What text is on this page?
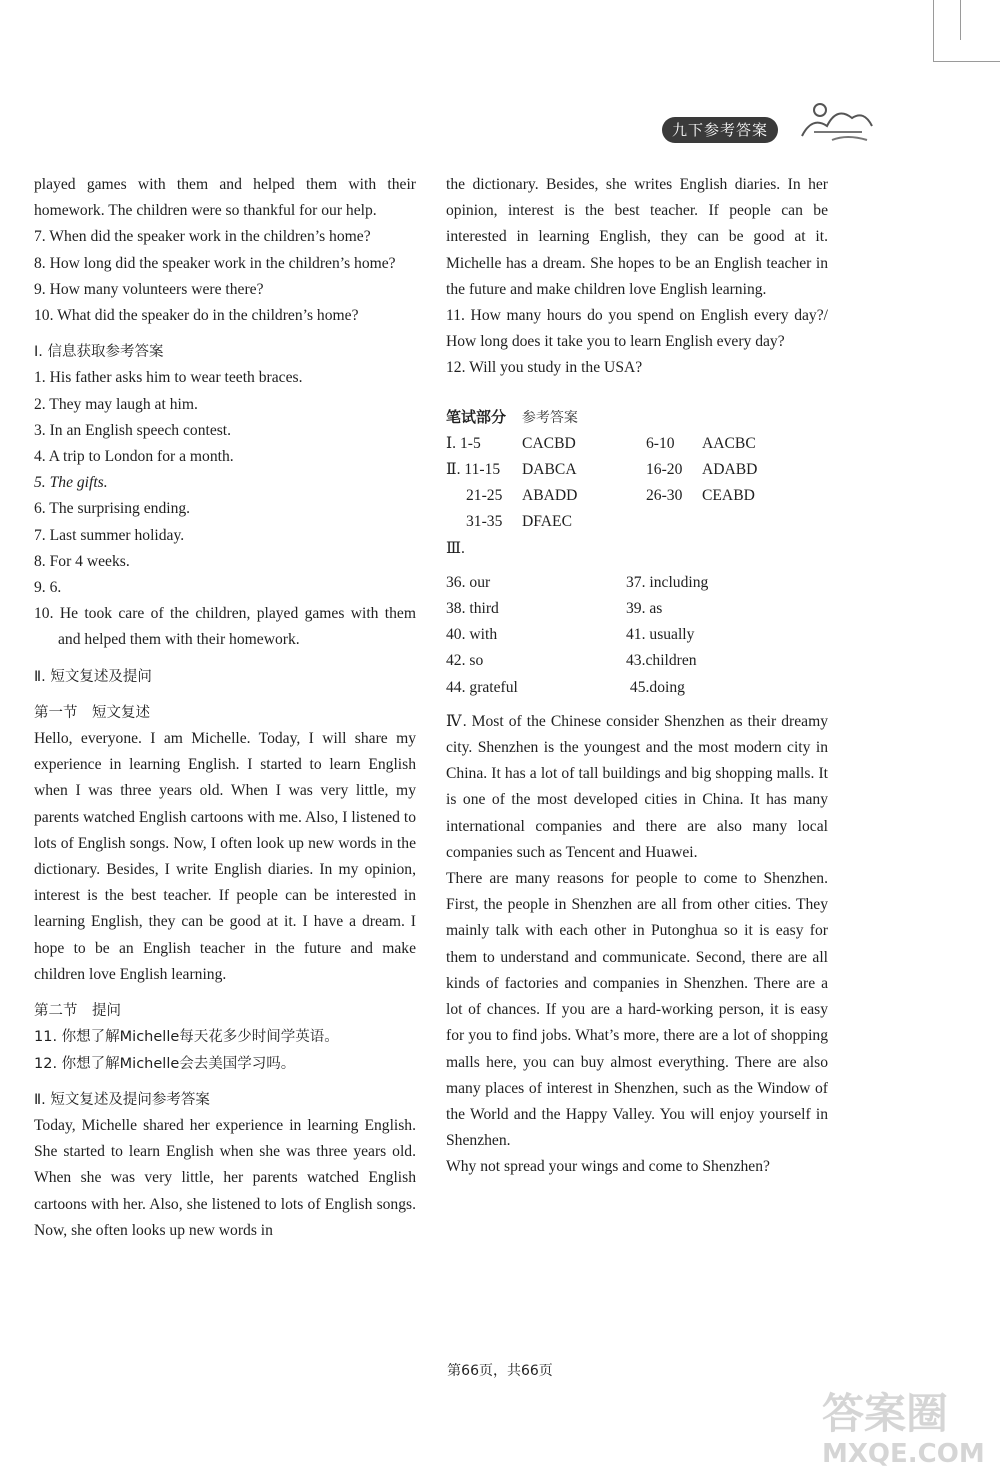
九下参考答案

played games with them and helped them with their homework. The children were so thankful for our help.

7. When did the speaker work in the children’s home?

8. How long did the speaker work in the children’s home?

9. How many volunteers were there?

10. What did the speaker do in the children’s home?

Ⅰ. 信息获取参考答案

1. His father asks him to wear teeth braces.

2. They may laugh at him.

3. In an English speech contest.

4. A trip to London for a month.

5. The gifts.

6. The surprising ending.

7. Last summer holiday.

8. For 4 weeks.

9. 6.

10. He took care of the children, played games with them and helped them with their homework.

Ⅱ. 短文复述及提问

第一节　短文复述

Hello, everyone. I am Michelle. Today, I will share my experience in learning English. I started to learn English when I was three years old. When I was very little, my parents watched English cartoons with me. Also, I listened to lots of English songs. Now, I often look up new words in the dictionary. Besides, I write English diaries. In my opinion, interest is the best teacher. If people can be interested in learning English, they can be good at it. I have a dream. I hope to be an English teacher in the future and make children love English learning.

第二节　提问

11. 你想了解Michelle每天花多少时间学英语。

12. 你想了解Michelle会去美国学习吗。

Ⅱ. 短文复述及提问参考答案

Today, Michelle shared her experience in learning English. She started to learn English when she was three years old. When she was very little, her parents watched English cartoons with her. Also, she listened to lots of English songs. Now, she often looks up new words in

the dictionary. Besides, she writes English diaries. In her opinion, interest is the best teacher. If people can be interested in learning English, they can be good at it. Michelle has a dream. She hopes to be an English teacher in the future and make children love English learning.

11. How many hours do you spend on English every day?/ How long does it take you to learn English every day?

12. Will you study in the USA?

笔试部分 参考答案

Ⅰ. 1-5	CACBD	6-10	AACBC
Ⅱ. 11-15	DABCA	16-20	ADABD
21-25	ABADD	26-30	CEABD
31-35	DFAEC

Ⅲ.

36. our	37. including
38. third	39. as
40. with	41. usually
42. so	43.children
44. grateful	45.doing

Ⅳ. Most of the Chinese consider Shenzhen as their dreamy city. Shenzhen is the youngest and the most modern city in China. It has a lot of tall buildings and big shopping malls. It is one of the most developed cities in China. It has many international companies and there are also many local companies such as Tencent and Huawei.

There are many reasons for people to come to Shenzhen. First, the people in Shenzhen are all from other cities. They mainly talk with each other in Putonghua so it is easy for them to understand and communicate. Second, there are all kinds of factories and companies in Shenzhen. There are a lot of chances. If you are a hard-working person, it is easy for you to find jobs. What’s more, there are a lot of shopping malls here, you can buy almost everything. There are also many places of interest in Shenzhen, such as the Window of the World and the Happy Valley. You will enjoy yourself in Shenzhen.

Why not spread your wings and come to Shenzhen?

第66页，共66页
答案圈
MXQE.COM
